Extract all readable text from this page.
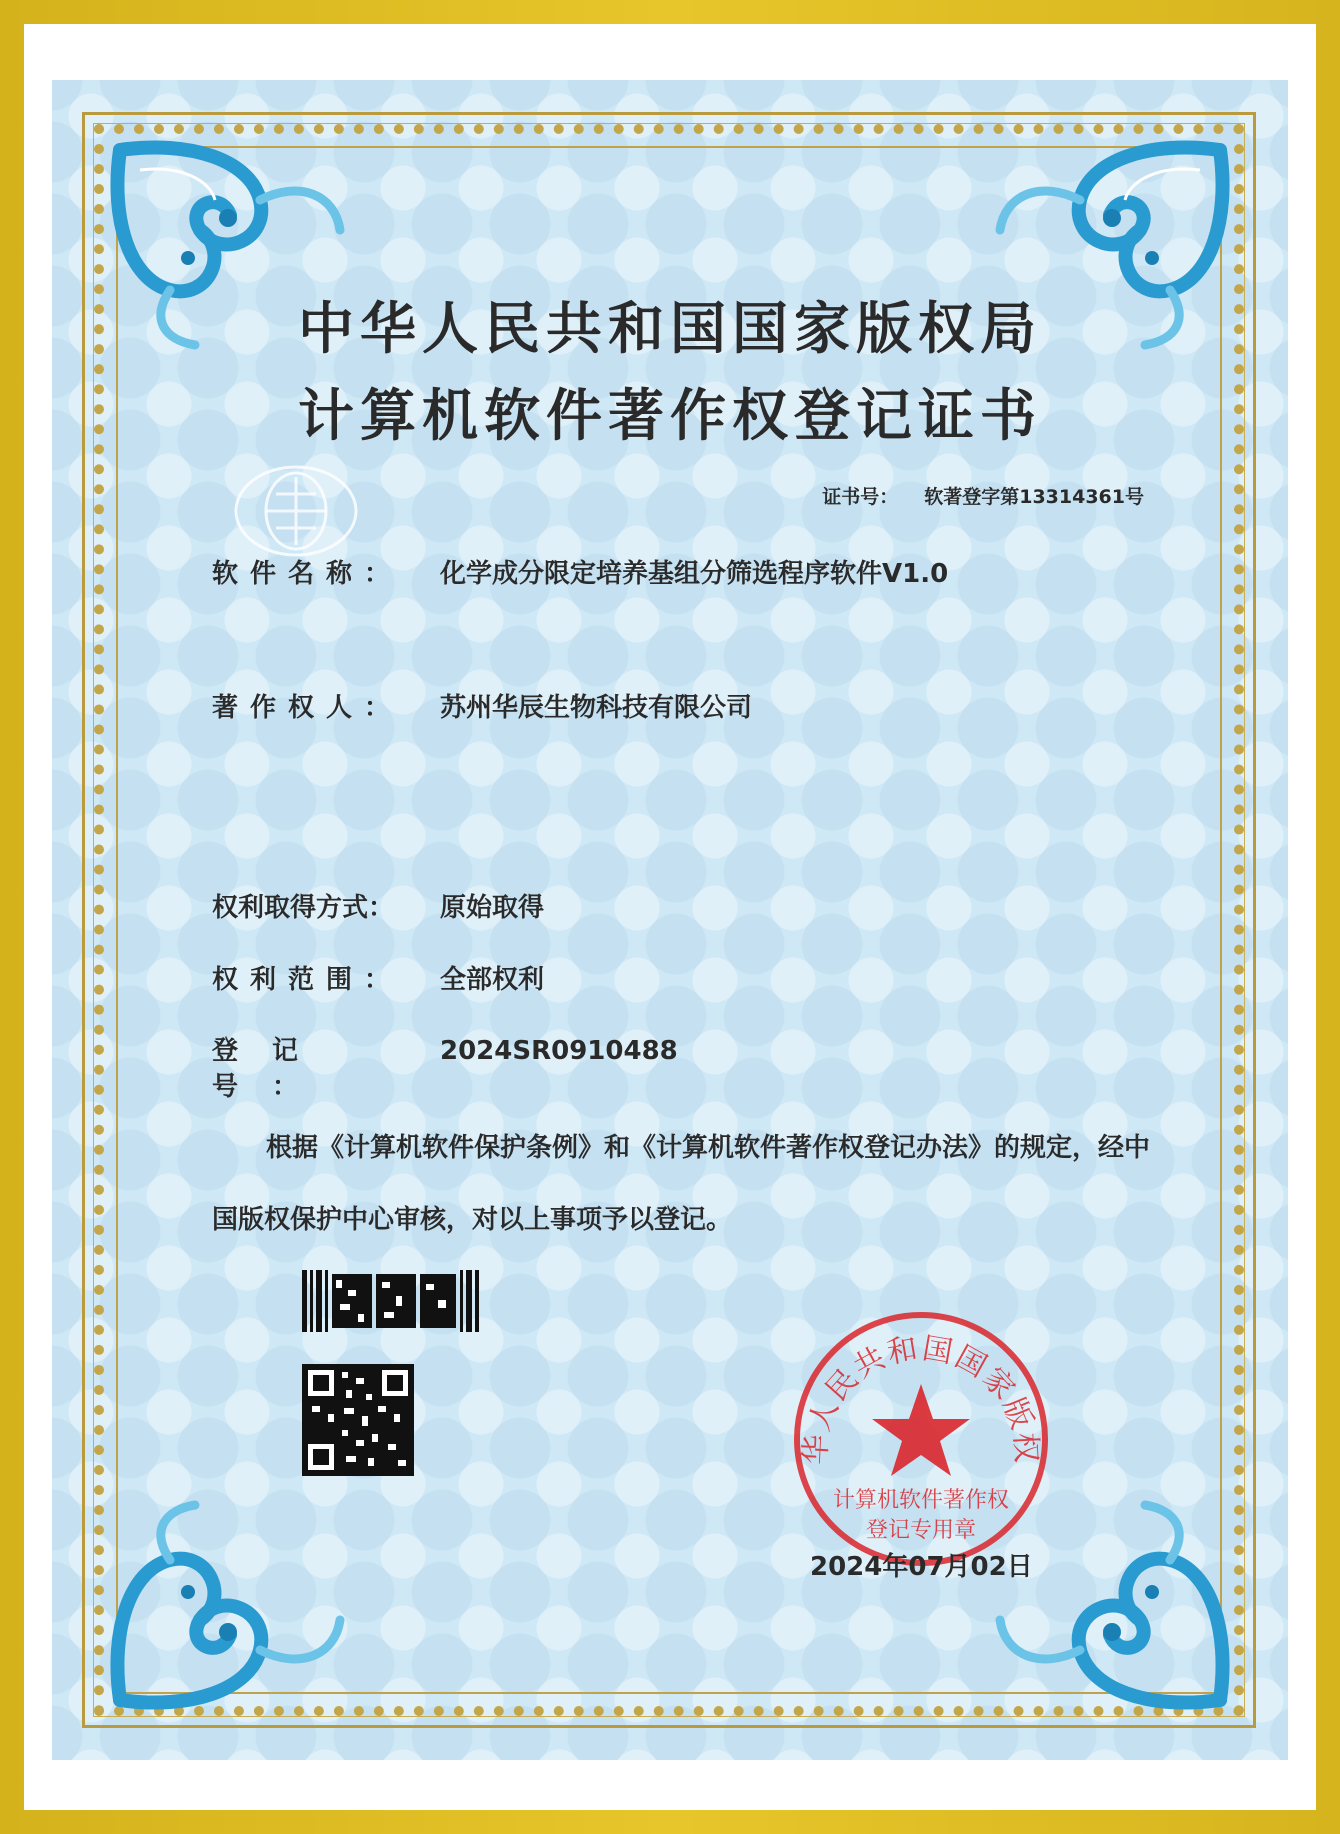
中华人民共和国国家版权局
计算机软件著作权登记证书
证书号： 软著登字第13314361号
软件名称： 化学成分限定培养基组分筛选程序软件V1.0
著作权人： 苏州华辰生物科技有限公司
权利取得方式： 原始取得
权利范围： 全部权利
登记号：2024SR0910488
根据《计算机软件保护条例》和《计算机软件著作权登记办法》的规定，经中国版权保护中心审核，对以上事项予以登记。
华人民共和国国家版权
计算机软件著作权登记专用章
2024年07月02日
